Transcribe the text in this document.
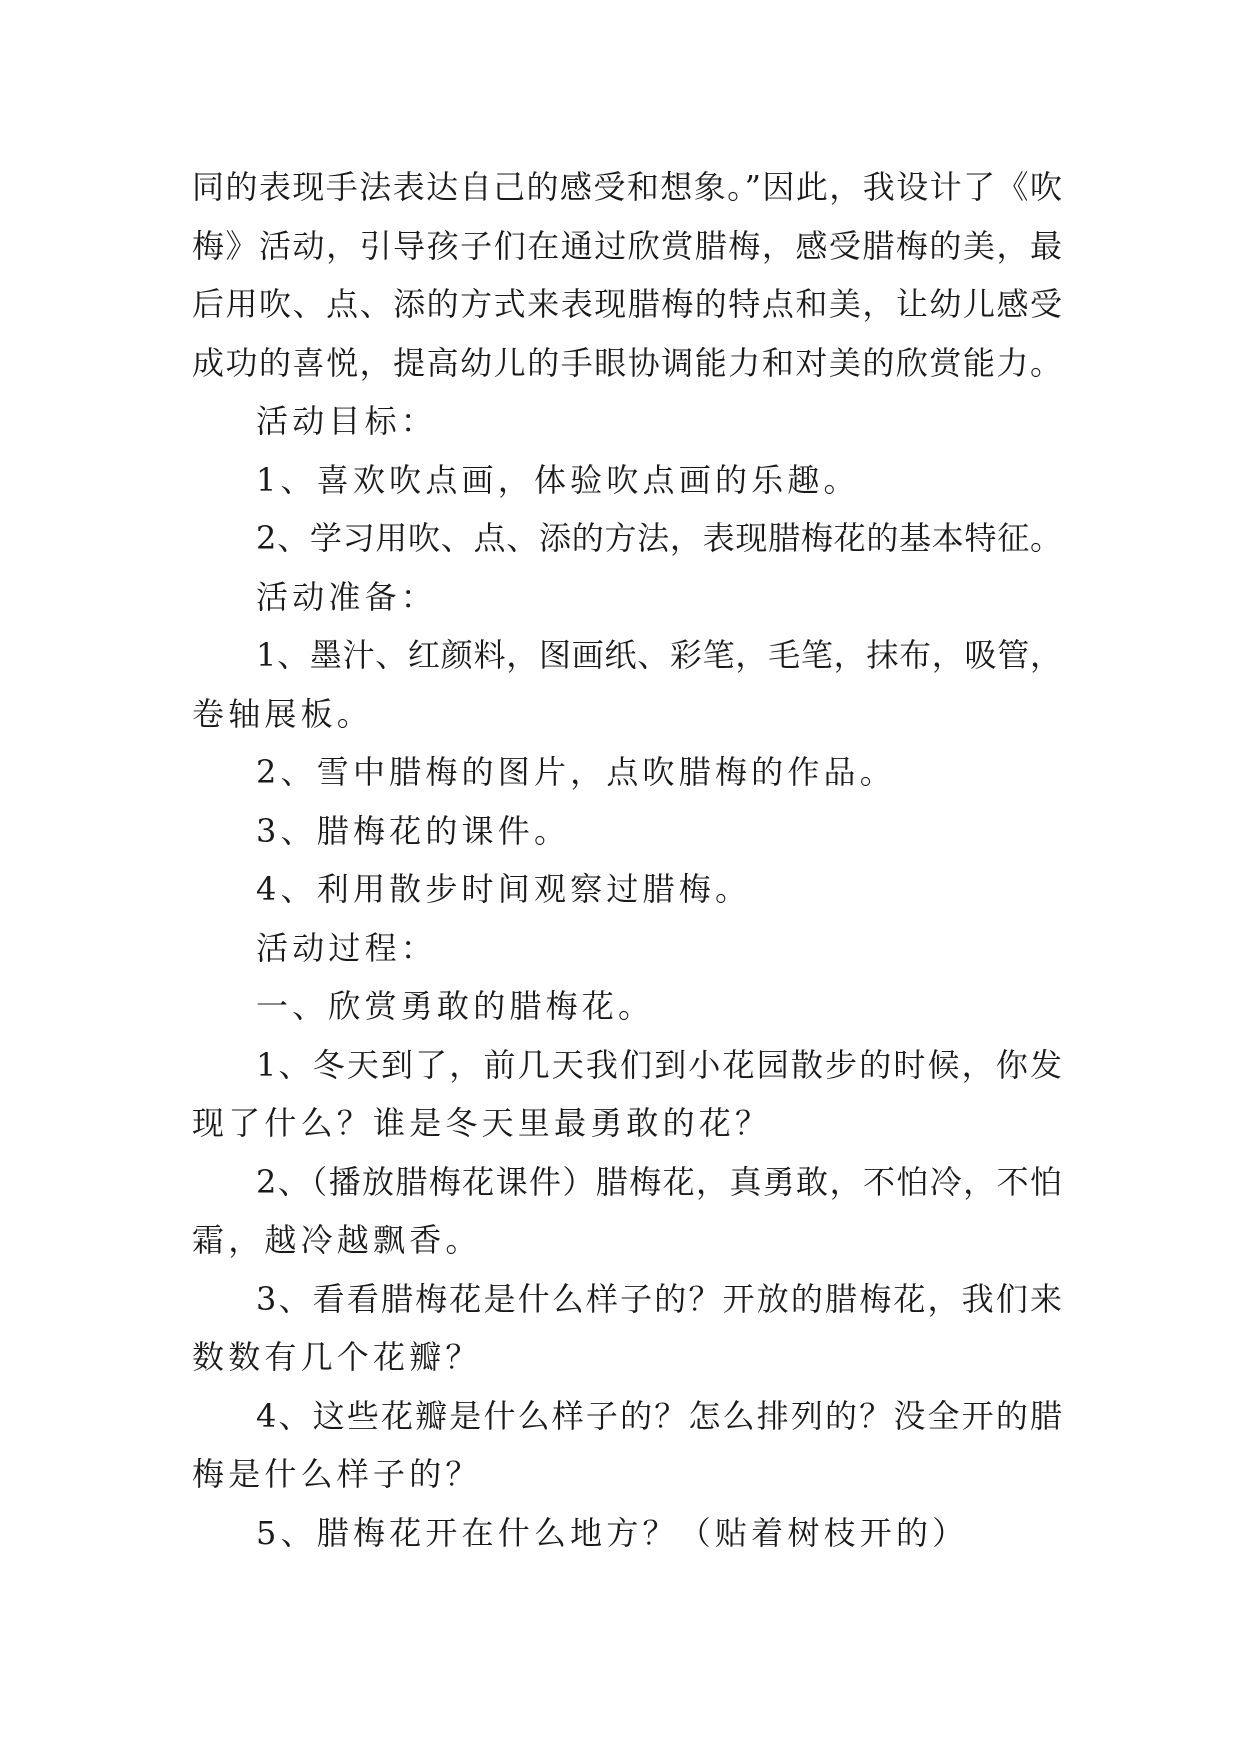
同的表现手法表达自己的感受和想象。”因此，我设计了《吹
梅》活动，引导孩子们在通过欣赏腊梅，感受腊梅的美，最
后用吹、点、添的方式来表现腊梅的特点和美，让幼儿感受
成功的喜悦，提高幼儿的手眼协调能力和对美的欣赏能力。
活动目标：
1、喜欢吹点画，体验吹点画的乐趣。
2、学习用吹、点、添的方法，表现腊梅花的基本特征。
活动准备：
1、墨汁、红颜料，图画纸、彩笔，毛笔，抹布，吸管，
卷轴展板。
2、雪中腊梅的图片，点吹腊梅的作品。
3、腊梅花的课件。
4、利用散步时间观察过腊梅。
活动过程：
一、欣赏勇敢的腊梅花。
1、冬天到了，前几天我们到小花园散步的时候，你发
现了什么？谁是冬天里最勇敢的花？
2、（播放腊梅花课件）腊梅花，真勇敢，不怕冷，不怕
霜，越冷越飘香。
3、看看腊梅花是什么样子的？开放的腊梅花，我们来
数数有几个花瓣？
4、这些花瓣是什么样子的？怎么排列的？没全开的腊
梅是什么样子的？
5、腊梅花开在什么地方？（贴着树枝开的）
